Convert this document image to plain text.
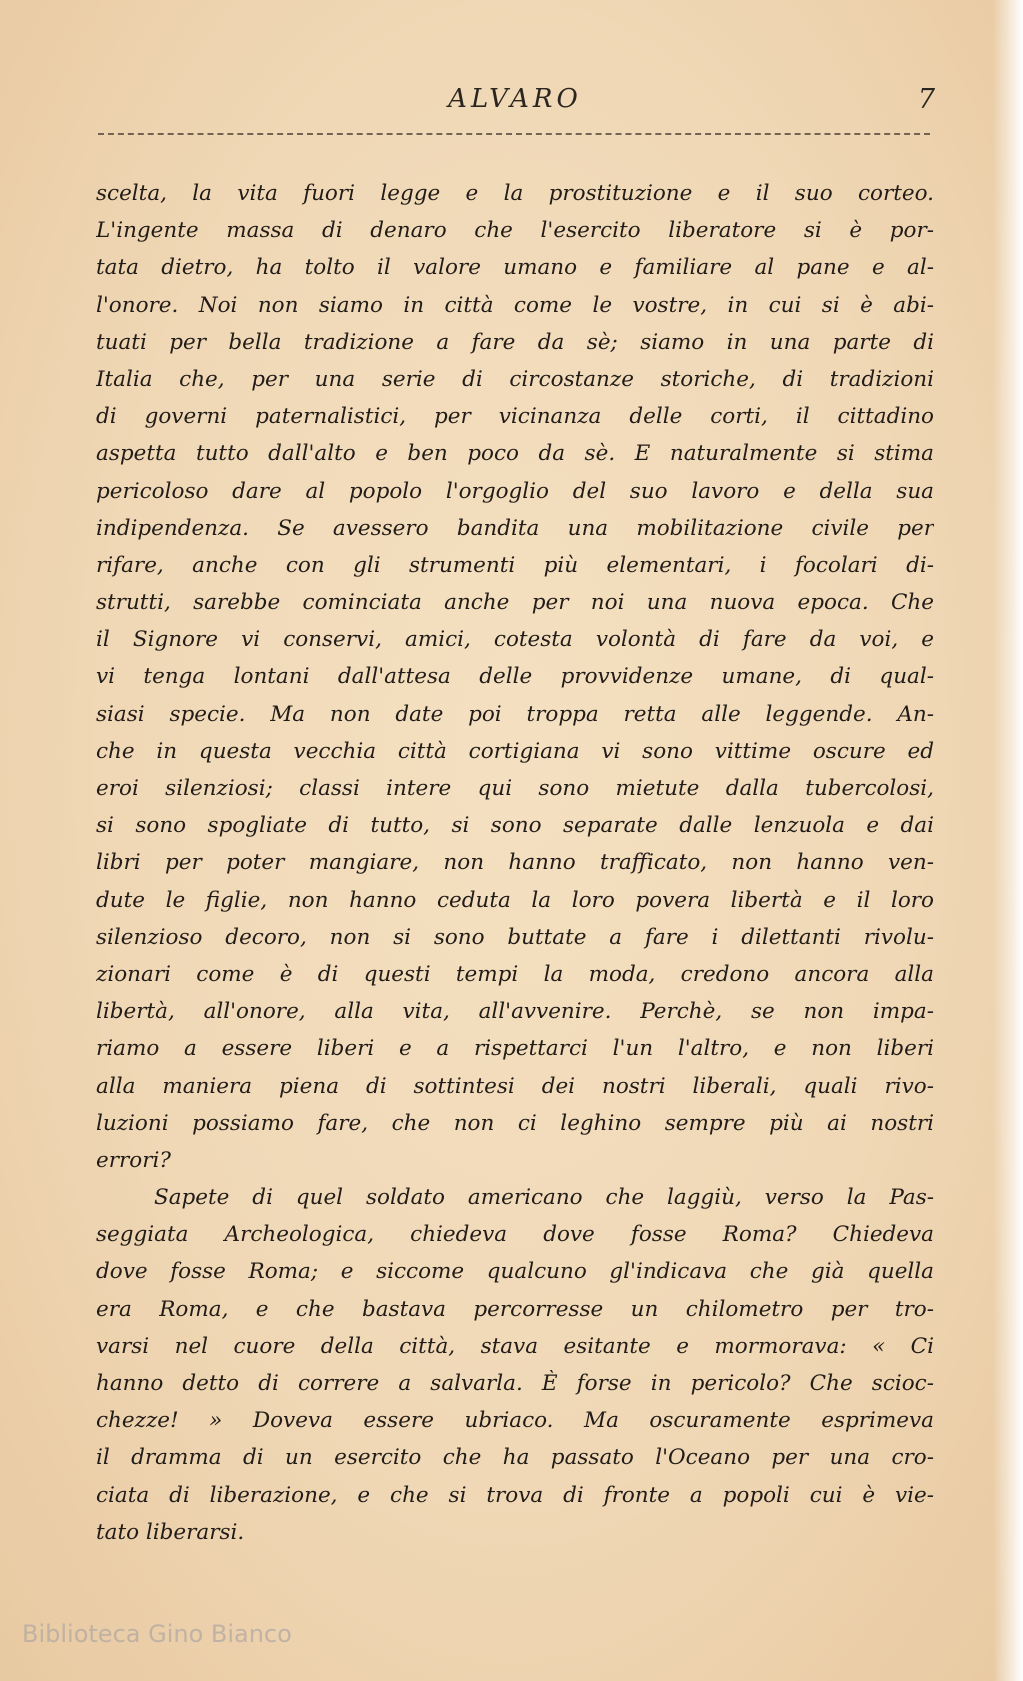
ALVARO	7
scelta, la vita fuori legge e la prostituzione e il suo corteo.
L'ingente massa di denaro che l'esercito liberatore si è por-
tata dietro, ha tolto il valore umano e familiare al pane e al-
l'onore. Noi non siamo in città come le vostre, in cui si è abi-
tuati per bella tradizione a fare da sè; siamo in una parte di
Italia che, per una serie di circostanze storiche, di tradizioni
di governi paternalistici, per vicinanza delle corti, il cittadino
aspetta tutto dall'alto e ben poco da sè. E naturalmente si stima
pericoloso dare al popolo l'orgoglio del suo lavoro e della sua
indipendenza. Se avessero bandita una mobilitazione civile per
rifare, anche con gli strumenti più elementari, i focolari di-
strutti, sarebbe cominciata anche per noi una nuova epoca. Che
il Signore vi conservi, amici, cotesta volontà di fare da voi, e
vi tenga lontani dall'attesa delle provvidenze umane, di qual-
siasi specie. Ma non date poi troppa retta alle leggende. An-
che in questa vecchia città cortigiana vi sono vittime oscure ed
eroi silenziosi; classi intere qui sono mietute dalla tubercolosi,
si sono spogliate di tutto, si sono separate dalle lenzuola e dai
libri per poter mangiare, non hanno trafficato, non hanno ven-
dute le figlie, non hanno ceduta la loro povera libertà e il loro
silenzioso decoro, non si sono buttate a fare i dilettanti rivolu-
zionari come è di questi tempi la moda, credono ancora alla
libertà, all'onore, alla vita, all'avvenire. Perchè, se non impa-
riamo a essere liberi e a rispettarci l'un l'altro, e non liberi
alla maniera piena di sottintesi dei nostri liberali, quali rivo-
luzioni possiamo fare, che non ci leghino sempre più ai nostri
errori?
Sapete di quel soldato americano che laggiù, verso la Pas-
seggiata Archeologica, chiedeva dove fosse Roma? Chiedeva
dove fosse Roma; e siccome qualcuno gl'indicava che già quella
era Roma, e che bastava percorresse un chilometro per tro-
varsi nel cuore della città, stava esitante e mormorava: « Ci
hanno detto di correre a salvarla. È forse in pericolo? Che scioc-
chezze! » Doveva essere ubriaco. Ma oscuramente esprimeva
il dramma di un esercito che ha passato l'Oceano per una cro-
ciata di liberazione, e che si trova di fronte a popoli cui è vie-
tato liberarsi.
Biblioteca Gino Bianco
